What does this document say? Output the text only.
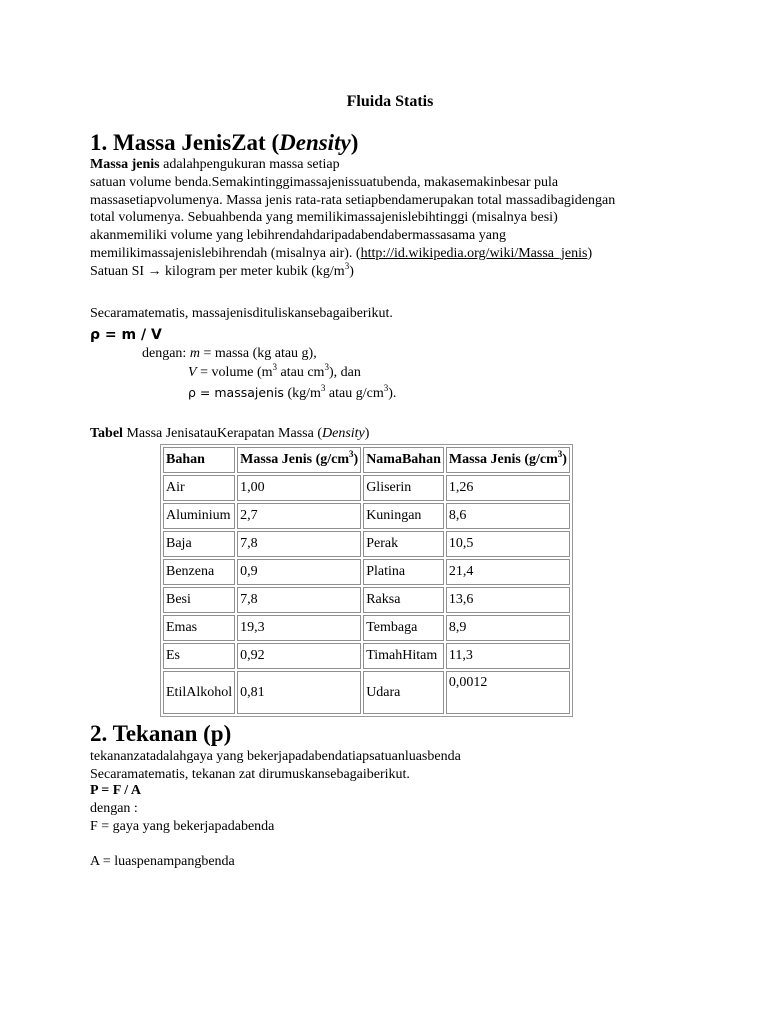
Fluida Statis
1. Massa JenisZat (Density)
Massa jenis adalahpengukuran massa setiap
satuan volume benda.Semakintinggimassajenissuatubenda, makasemakinbesar pula
massasetiapvolumenya. Massa jenis rata-rata setiapbendamerupakan total massadibagidengan
total volumenya. Sebuahbenda yang memilikimassajenislebihtinggi (misalnya besi)
akanmemiliki volume yang lebihrendahdaripadabendabermassasama yang
memilikimassajenislebihrendah (misalnya air). (http://id.wikipedia.org/wiki/Massa_jenis)
Satuan SI → kilogram per meter kubik $(kg/m^3)$
Secaramatematis, massajenisdituliskansebagaiberikut.
ρ = m / V
dengan: m = massa (kg atau g),
V = volume ($m^3$ atau $cm^3$), dan
ρ = massajenis ($kg/m^3$ atau $g/cm^3$).
Tabel Massa JenisatauKerapatan Massa (Density)
Bahan	Massa Jenis $(g/cm^3)$	NamaBahan	Massa Jenis $(g/cm^3)$
Air	1,00	Gliserin	1,26
Aluminium	2,7	Kuningan	8,6
Baja	7,8	Perak	10,5
Benzena	0,9	Platina	21,4
Besi	7,8	Raksa	13,6
Emas	19,3	Tembaga	8,9
Es	0,92	TimahHitam	11,3
EtilAlkohol	0,81	Udara	0,0012
2. Tekanan (p)
tekananzatadalahgaya yang bekerjapadabendatiapsatuanluasbenda
Secaramatematis, tekanan zat dirumuskansebagaiberikut.
P = F / A
dengan :
F = gaya yang bekerjapadabenda
A = luaspenampangbenda
